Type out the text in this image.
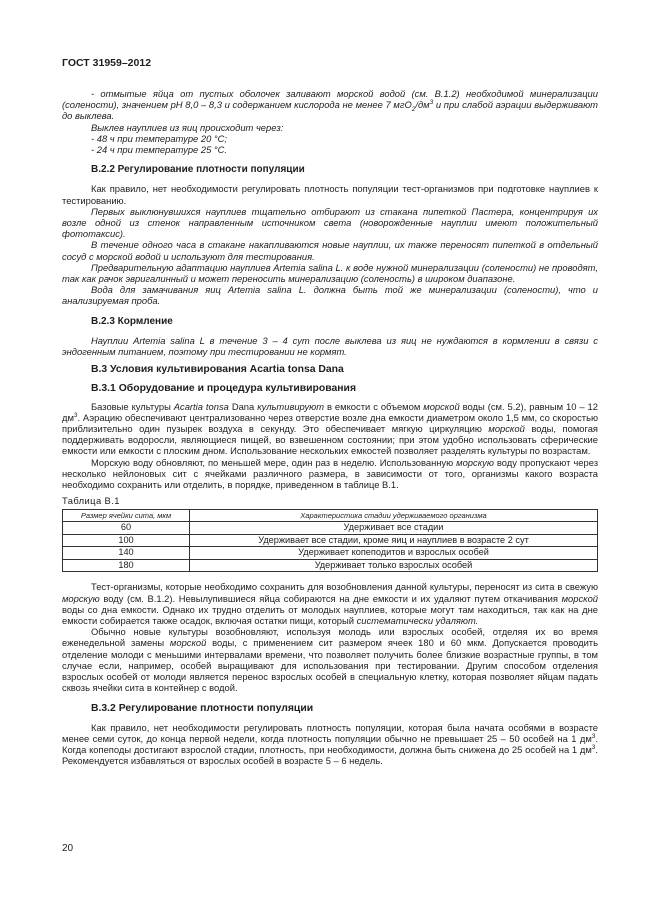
ГОСТ 31959–2012

- отмытые яйца от пустых оболочек заливают морской водой (см. В.1.2) необходимой минерализации (солености), значением pH 8,0 – 8,3 и содержанием кислорода не менее 7 $мгО_2/дм^3$ и при слабой аэрации выдерживают до выклева.

Выклев науплиев из яиц происходит через:

- 48 ч при температуре 20 °С;

- 24 ч при температуре 25 °С.

В.2.2 Регулирование плотности популяции

Как правило, нет необходимости регулировать плотность популяции тест-организмов при подготовке науплиев к тестированию.

Первых выклюнувшихся науплиев тщательно отбирают из стакана пипеткой Пастера, концентрируя их возле одной из стенок направленным источником света (новорожденные науплии имеют положительный фототаксис).

В течение одного часа в стакане накапливаются новые науплии, их также переносят пипеткой в отдельный сосуд с морской водой и используют для тестирования.

Предварительную адаптацию науплиев Artemia salina L. к воде нужной минерализации (солености) не проводят, так как рачок эвригалинный и может переносить минерализацию (соленость) в широком диапазоне.

Вода для замачивания яиц Artemia salina L. должна быть той же минерализации (солености), что и анализируемая проба.

В.2.3 Кормление

Науплии Artemia salina L в течение 3 – 4 сут после выклева из яиц не нуждаются в кормлении в связи с эндогенным питанием, поэтому при тестировании не кормят.

В.3 Условия культивирования Acartia tonsa Dana

В.3.1 Оборудование и процедура культивирования

Базовые культуры Acartia tonsa Dana культивируют в емкости с объемом морской воды (см. 5.2), равным 10 – 12 $дм^3$. Аэрацию обеспечивают централизованно через отверстие возле дна емкости диаметром около 1,5 мм, со скоростью приблизительно один пузырек воздуха в секунду. Это обеспечивает мягкую циркуляцию морской воды, помогая поддерживать водоросли, являющиеся пищей, во взвешенном состоянии; при этом удобно использовать сферические емкости или емкости с плоским дном. Использование нескольких емкостей позволяет разделять культуры по возрастам.

Морскую воду обновляют, по меньшей мере, один раз в неделю. Использованную морскую воду пропускают через несколько нейлоновых сит с ячейками различного размера, в зависимости от того, организмы какого возраста необходимо сохранить или отделить, в порядке, приведенном в таблице В.1.

Таблица В.1

Размер ячейки сита, мкм	Характеристика стадии удерживаемого организма
60	Удерживает все стадии
100	Удерживает все стадии, кроме яиц и науплиев в возрасте 2 сут
140	Удерживает копеподитов и взрослых особей
180	Удерживает только взрослых особей

Тест-организмы, которые необходимо сохранить для возобновления данной культуры, переносят из сита в свежую морскую воду (см. В.1.2). Невылупившиеся яйца собираются на дне емкости и их удаляют путем откачивания морской воды со дна емкости. Однако их трудно отделить от молодых науплиев, которые могут там находиться, так как на дне емкости собирается также осадок, включая остатки пищи, который систематически удаляют.

Обычно новые культуры возобновляют, используя молодь или взрослых особей, отделяя их во время еженедельной замены морской воды, с применением сит размером ячеек 180 и 60 мкм. Допускается проводить отделение молоди с меньшими интервалами времени, что позволяет получить более близкие возрастные группы, в том случае если, например, особей выращивают для использования при тестировании. Другим способом отделения взрослых особей от молоди является перенос взрослых особей в специальную клетку, которая позволяет яйцам падать сквозь ячейки сита в контейнер с водой.

В.3.2 Регулирование плотности популяции

Как правило, нет необходимости регулировать плотность популяции, которая была начата особями в возрасте менее семи суток, до конца первой недели, когда плотность популяции обычно не превышает 25 – 50 особей на 1 $дм^3$. Когда копеподы достигают взрослой стадии, плотность, при необходимости, должна быть снижена до 25 особей на 1 $дм^3$. Рекомендуется избавляться от взрослых особей в возрасте 5 – 6 недель.

20
